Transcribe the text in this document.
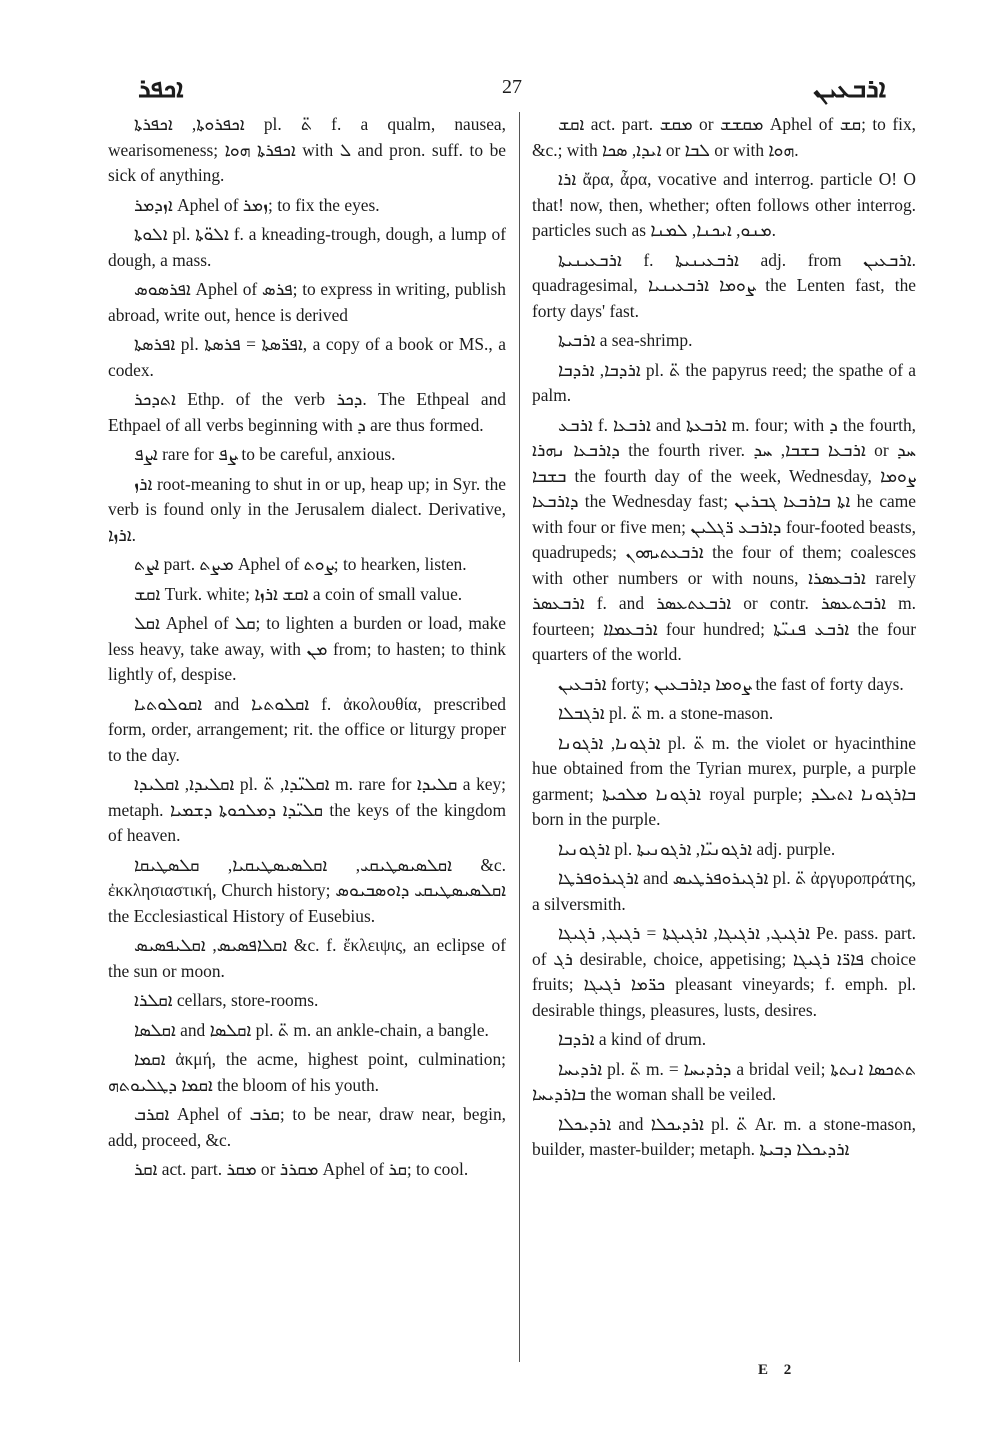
ܐܟܦܪ	27	ܐܪܒܥܝܢ

ܐܟܦܪܘܬܐ, ܐܟܦܪܬܐ pl. ܬ̈ f. a qualm, nausea, wearisomeness; ܐܟܦܪܬܐ ܗܘܐ with ܠ and pron. suff. to be sick of anything.

ܐܙܕܡܪ Aphel of ܙܡܪ; to fix the eyes.

ܐܠܘܬܐ pl. ܐܠܘ̈ܬܐ f. a kneading-trough, dough, a lump of dough, a mass.

ܐܦܪܣܘܣ Aphel of ܦܪܣ; to express in writing, publish abroad, write out, hence is derived

ܐܦܪܣܬܐ pl. ܐܦܪ̈ܣܬܐ = ܦܪܣܬܐ, a copy of a book or MS., a codex.

ܐܬܕܟܪ Ethp. of the verb ܕܟܪ. The Ethpeal and Ethpael of all verbs beginning with ܕ are thus formed.

ܐܨܦ rare for ܨܦ to be careful, anxious.

ܐܪܙ root-meaning to shut in or up, heap up; in Syr. the verb is found only in the Jerusalem dialect. Derivative, ܐܪܙܐ.

ܐܨܬ part. ܡܨܬ Aphel of ܨܘܬ; to hearken, listen.

ܐܩܫ Turk. white; ܐܩܫ ܐܪܙܐ a coin of small value.

ܐܩܠ Aphel of ܩܠ; to lighten a burden or load, make less heavy, take away, with ܡܢ from; to hasten; to think lightly of, despise.

ܐܩܘܠܘܬܝܐ and ܐܩܠܘܬܝܐ f. ἀκολουθία, prescribed form, order, arrangement; rit. the office or liturgy proper to the day.

ܐܩܠܝܕܐ, ܐܩܠܝܕܐ pl. ܐܩܠܝ̈ܕܐ, ܬ̈ m. rare for ܩܠܝܕܐ a key; metaph. ܩܠܝ̈ܕܐ ܕܡܠܟܘܬܐ ܕܫܡܝܐ the keys of the kingdom of heaven.

ܐܩܠܣܝܣܛܝܩܝ, ܐܩܠܣܝܣܛܝܩܝܐ, ܩܠܣܛܝܩܐ &c. ἐκκλησιαστική, Church history; ܐܩܠܣܝܣܛܝܩܝ ܕܐܘܣܒܝܘܣ the Ecclesiastical History of Eusebius.

ܐܩܠܐܦܣܝܣ, ܐܩܠܝܦܣܝܣ &c. f. ἔκλειψις, an eclipse of the sun or moon.

ܐܩܠܪܐ cellars, store-rooms.

ܐܩܠܣܐ and ܐܩܠܣܐ pl. ܬ̈ m. an ankle-chain, a bangle.

ܐܩܡܐ ἀκμή, the acme, highest point, culmination; ܐܩܡܐ ܕܛܠܝܘܬܗ the bloom of his youth.

ܐܩܪܒ Aphel of ܩܪܒ; to be near, draw near, begin, add, proceed, &c.

ܐܩܪ act. part. ܡܩܪ or ܡܩܪܪ Aphel of ܩܪ; to cool.

ܐܩܫ act. part. ܡܩܫ or ܡܩܫܫ Aphel of ܩܫ; to fix, &c.; with ܐܝܕܐ, ܣܟܐ or ܠܒܐ or with ܗܘܐ.

ܐܪܐ ἄρα, ἆρα, vocative and interrog. particle O! O that! now, then, whether; often follows other interrog. particles such as ܡܢܘ, ܐܝܟܢܐ, ܠܡܢܐ.

ܐܪܒܥܝܢܝܬܐ f. ܐܪܒܥܝܢܝܬܐ adj. from ܐܪܒܥܝܢ. quadragesimal, ܨܘܡܐ ܐܪܒܥܝܢܝܐ the Lenten fast, the forty days' fast.

ܐܪܒܝܬܐ a sea-shrimp.

ܐܪܕܒܐ, ܐܪܕܒܐ pl. ܬ̈ the papyrus reed; the spathe of a palm.

ܐܪܒܥ f. ܐܪܒܥܐ and ܐܪܒܥܬܐ m. four; with ܕ the fourth, ܕܐܪܒܥܐ ܢܗܪܐ the fourth river. ܐܪܒܥܐ ܒܫܒܐ, ܚܕ or ܚܕ ܒܫܒܐ the fourth day of the week, Wednesday, ܨܘܡܐ ܕܐܪܒܥܐ the Wednesday fast; ܐܬܐ ܒܐܪܒܥܐ ܓܒܪܝܢ he came with four or five men; ܕܐܪܒܥ ܪ̈ܓܠܝܢ four-footed beasts, quadrupeds; ܐܪܒܥܬܝܗܘܢ the four of them; coalesces with other numbers or with nouns, ܐܪܒܥܣܪܐ rarely ܐܪܒܥܣܪ f. and ܐܪܒܥܬܥܣܪ or contr. ܐܪܒܬܥܣܪ m. fourteen; ܐܪܒܥܡܐܐ four hundred; ܐܪܒܥ ܦܢܝ̈ܬܐ the four quarters of the world.

ܐܪܒܥܝܢ forty; ܨܘܡܐ ܕܐܪܒܥܝܢ the fast of forty days.

ܐܪܓܒܠܐ pl. ܬ̈ m. a stone-mason.

ܐܪܓܘܢܐ, ܐܪܓܘܢܐ pl. ܬ̈ m. the violet or hyacinthine hue obtained from the Tyrian murex, purple, a purple garment; ܐܪܓܘܢܐ ܡܠܟܝܬܐ royal purple; ܒܐܪܓܘܢܐ ܐܬܝܠܕ born in the purple.

ܐܪܓܘܢܝܐ pl. ܐܪܓܘܢܝ̈ܐ, ܐܪܓܘܢܝܬܐ adj. purple.

ܐܪܓܝܪܘܦܪܛܐ and ܐܪܓܝܪܘܦܪܛܝܣ pl. ܬ̈ ἀργυροπράτης, a silversmith.

ܐܪܓܝܓ, ܐܪܓܝܓܐ, ܐܪܓܝܓܬܐ = ܪܓܝܓ, ܪܓܝܓܐ Pe. pass. part. of ܪܓ desirable, choice, appetising; ܦܐܪ̈ܐ ܪܓܝܓܐ choice fruits; ܟܪ̈ܡܐ ܪܓܝܓܐ pleasant vineyards; f. emph. pl. desirable things, pleasures, lusts, desires.

ܐܪܕܒܐ a kind of drum.

ܐܪܕܝܚܐ pl. ܬ̈ m. = ܕܪܕܝܚܐ a bridal veil; ܬܬܟܣܐ ܐܢܬܬܐ ܒܐܪܕܝܚܐ the woman shall be veiled.

ܐܪܕܝܟܠܐ and ܐܪܕܝܟܠܐ pl. ܬ̈ Ar. m. a stone-mason, builder, master-builder; metaph. ܐܪܕܝܟܠܐ ܕܒܝܬܐ

E 2
